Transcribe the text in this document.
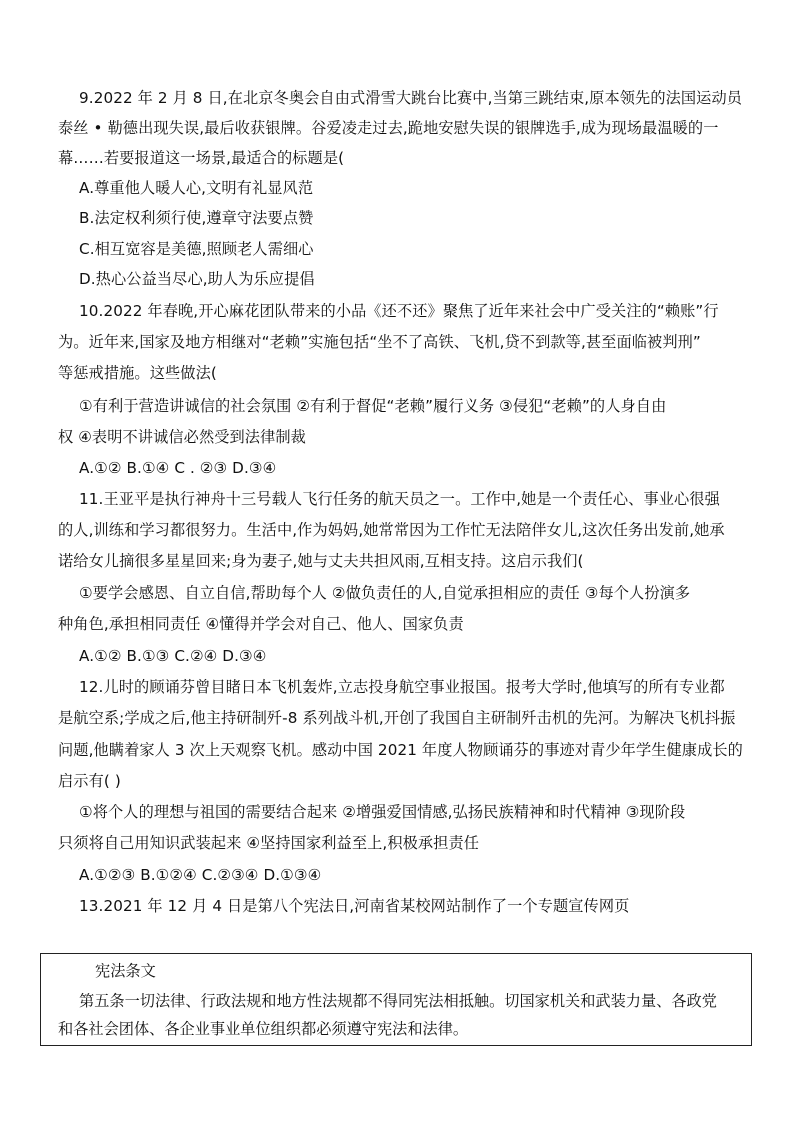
9.2022 年 2 月 8 日,在北京冬奥会自由式滑雪大跳台比赛中,当第三跳结束,原本领先的法国运动员
泰丝 • 勒德出现失误,最后收获银牌。谷爱凌走过去,跪地安慰失误的银牌选手,成为现场最温暖的一
幕……若要报道这一场景,最适合的标题是(
A.尊重他人暖人心,文明有礼显风范
B.法定权利须行使,遵章守法要点赞
C.相互宽容是美德,照顾老人需细心
D.热心公益当尽心,助人为乐应提倡
10.2022 年春晚,开心麻花团队带来的小品《还不还》聚焦了近年来社会中广受关注的“赖账”行
为。近年来,国家及地方相继对“老赖”实施包括“坐不了高铁、飞机,贷不到款等,甚至面临被判刑”
等惩戒措施。这些做法(
①有利于营造讲诚信的社会氛围 ②有利于督促“老赖”履行义务 ③侵犯“老赖”的人身自由
权 ④表明不讲诚信必然受到法律制裁
A.①② B.①④ C . ②③ D.③④
11.王亚平是执行神舟十三号载人飞行任务的航天员之一。工作中,她是一个责任心、事业心很强
的人,训练和学习都很努力。生活中,作为妈妈,她常常因为工作忙无法陪伴女儿,这次任务出发前,她承
诺给女儿摘很多星星回来;身为妻子,她与丈夫共担风雨,互相支持。这启示我们(
①要学会感恩、自立自信,帮助每个人 ②做负责任的人,自觉承担相应的责任 ③每个人扮演多
种角色,承担相同责任 ④懂得并学会对自己、他人、国家负责
A.①② B.①③ C.②④ D.③④
12.儿时的顾诵芬曾目睹日本飞机轰炸,立志投身航空事业报国。报考大学时,他填写的所有专业都
是航空系;学成之后,他主持研制歼-8 系列战斗机,开创了我国自主研制歼击机的先河。为解决飞机抖振
问题,他瞒着家人 3 次上天观察飞机。感动中国 2021 年度人物顾诵芬的事迹对青少年学生健康成长的
启示有( )
①将个人的理想与祖国的需要结合起来 ②增强爱国情感,弘扬民族精神和时代精神 ③现阶段
只须将自己用知识武装起来 ④坚持国家利益至上,积极承担责任
A.①②③ B.①②④ C.②③④ D.①③④
13.2021 年 12 月 4 日是第八个宪法日,河南省某校网站制作了一个专题宣传网页
宪法条文
第五条一切法律、行政法规和地方性法规都不得同宪法相抵触。切国家机关和武装力量、各政党
和各社会团体、各企业事业单位组织都必须遵守宪法和法律。
